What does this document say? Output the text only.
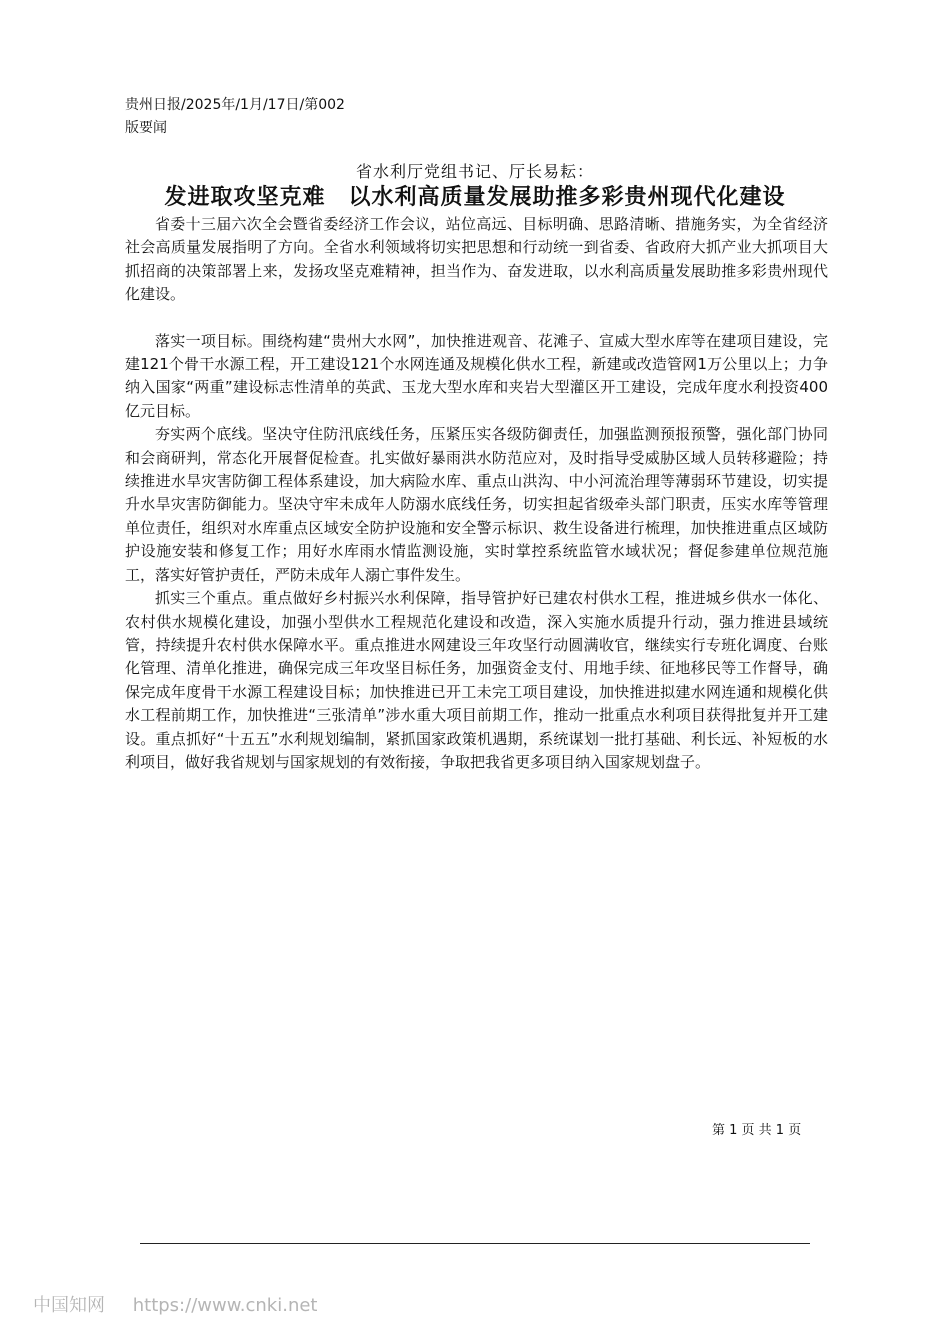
贵州日报/2025年/1月/17日/第002
版要闻
省水利厅党组书记、厅长易耘：
发进取攻坚克难　以水利高质量发展助推多彩贵州现代化建设

省委十三届六次全会暨省委经济工作会议，站位高远、目标明确、思路清晰、措施务实，为全省经济社会高质量发展指明了方向。全省水利领域将切实把思想和行动统一到省委、省政府大抓产业大抓项目大抓招商的决策部署上来，发扬攻坚克难精神，担当作为、奋发进取，以水利高质量发展助推多彩贵州现代化建设。

落实一项目标。围绕构建“贵州大水网”，加快推进观音、花滩子、宣威大型水库等在建项目建设，完建121个骨干水源工程，开工建设121个水网连通及规模化供水工程，新建或改造管网1万公里以上；力争纳入国家“两重”建设标志性清单的英武、玉龙大型水库和夹岩大型灌区开工建设，完成年度水利投资400亿元目标。

夯实两个底线。坚决守住防汛底线任务，压紧压实各级防御责任，加强监测预报预警，强化部门协同和会商研判，常态化开展督促检查。扎实做好暴雨洪水防范应对，及时指导受威胁区域人员转移避险；持续推进水旱灾害防御工程体系建设，加大病险水库、重点山洪沟、中小河流治理等薄弱环节建设，切实提升水旱灾害防御能力。坚决守牢未成年人防溺水底线任务，切实担起省级牵头部门职责，压实水库等管理单位责任，组织对水库重点区域安全防护设施和安全警示标识、救生设备进行梳理，加快推进重点区域防护设施安装和修复工作；用好水库雨水情监测设施，实时掌控系统监管水域状况；督促参建单位规范施工，落实好管护责任，严防未成年人溺亡事件发生。

抓实三个重点。重点做好乡村振兴水利保障，指导管护好已建农村供水工程，推进城乡供水一体化、农村供水规模化建设，加强小型供水工程规范化建设和改造，深入实施水质提升行动，强力推进县域统管，持续提升农村供水保障水平。重点推进水网建设三年攻坚行动圆满收官，继续实行专班化调度、台账化管理、清单化推进，确保完成三年攻坚目标任务，加强资金支付、用地手续、征地移民等工作督导，确保完成年度骨干水源工程建设目标；加快推进已开工未完工项目建设，加快推进拟建水网连通和规模化供水工程前期工作，加快推进“三张清单”涉水重大项目前期工作，推动一批重点水利项目获得批复并开工建设。重点抓好“十五五”水利规划编制，紧抓国家政策机遇期，系统谋划一批打基础、利长远、补短板的水利项目，做好我省规划与国家规划的有效衔接，争取把我省更多项目纳入国家规划盘子。

第 1 页 共 1 页
中国知网 https://www.cnki.net
